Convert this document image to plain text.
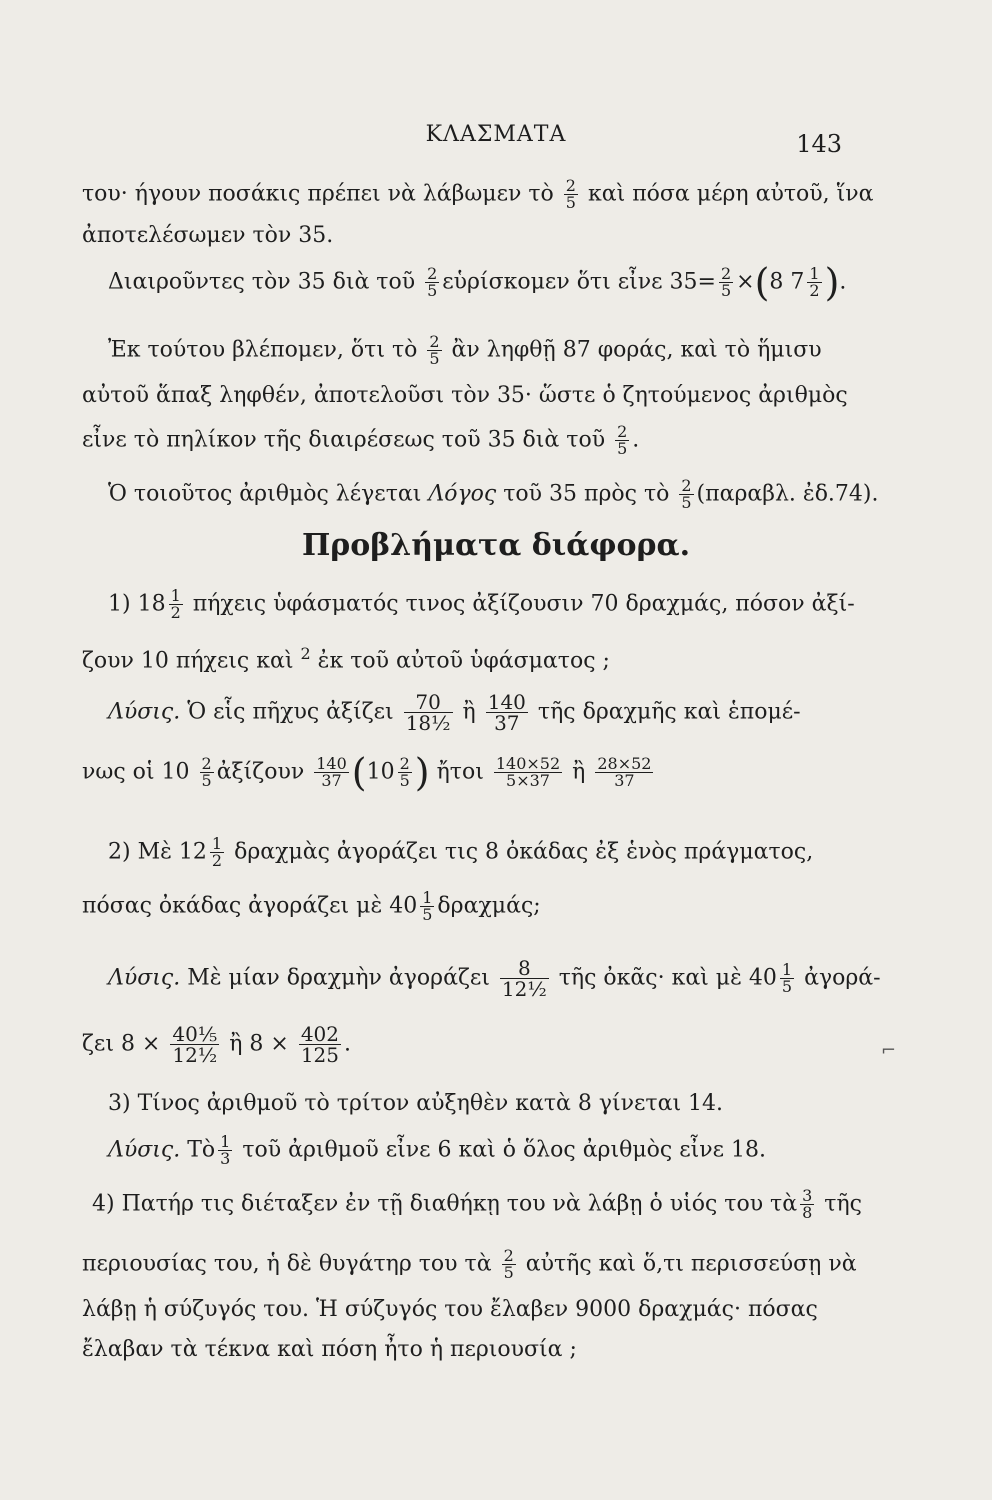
ΚΛΑΣΜΑΤΑ	143
του· ήγουν ποσάκις πρέπει νὰ λάβωμεν τὸ $\frac{2}{5}$ καὶ πόσα μέρη αὐτοῦ, ἵνα
ἀποτελέσωμεν τὸν 35.
Διαιροῦντες τὸν 35 διὰ τοῦ $\frac{2}{5}$ εὑρίσκομεν ὅτι εἶνε $35= \frac{2}{5} \times(8$ $7 \frac{1}{2}$ ).
Ἐκ τούτου βλέπομεν, ὅτι τὸ $\frac{2}{5}$ ἂν ληφθῇ 87 φοράς, καὶ τὸ ἥμισυ
αὐτοῦ ἅπαξ ληφθέν, ἀποτελοῦσι τὸν 35· ὥστε ὁ ζητούμενος ἀριθμὸς
εἶνε τὸ πηλίκον τῆς διαιρέσεως τοῦ 35 διὰ τοῦ $\frac{2}{5}$ .
Ὁ τοιοῦτος ἀριθμὸς λέγεται Λόγος τοῦ 35 πρὸς τὸ $\frac{2}{5} (\pi\alpha\rho\alpha\beta\lambda$. ἐδ.74).
Προβλήματα διάφορα.
1) $18 \frac{1}{2}$ πήχεις ὑφάσματός τινος ἀξίζουσιν 70 δραχμάς, πόσον ἀξί-
ζουν 10 πήχεις καὶ $^2$ ἐκ τοῦ αὐτοῦ ὑφάσματος ;
Λύσις. Ὁ εἷς πῆχυς ἀξίζει $\frac{70}{\text{18½}}$ ἢ $\frac{140}{37}$ τῆς δραχμῆς καὶ ἑπομέ-
νως οἱ $10 \frac{2}{5}$ ἀξίζουν $\frac{140}{37} (10 \frac{2}{5}$ ) ἤτοι $\frac{140\times 52}{5\times 37}$ ἢ $\frac{28\times 52}{37}$
2) Μὲ $12 \frac{1}{2}$ δραχμὰς ἀγοράζει τις 8 ὀκάδας ἐξ ἑνὸς πράγματος,
πόσας ὀκάδας ἀγοράζει μὲ $40 \frac{1}{5} \delta\rho\alpha\chi\mu ά\varsigma$;
Λύσις. Μὲ μίαν δραχμὴν ἀγοράζει $\frac{8}{\text{12½}}$ τῆς ὀκᾶς· καὶ μὲ $40 \frac{1}{5}$ ἀγορά-
ζει $8 \times \frac{\text{40⅕}}{\text{12½}}$ ἢ $8 \times \frac{402}{125}$ .
3) Τίνος ἀριθμοῦ τὸ τρίτον αὐξηθὲν κατὰ 8 γίνεται 14.
Λύσις. Τὸ $\frac{1}{3}$ τοῦ ἀριθμοῦ εἶνε 6 καὶ ὁ ὅλος ἀριθμὸς εἶνε 18.
4) Πατήρ τις διέταξεν ἐν τῇ διαθήκῃ του νὰ λάβῃ ὁ υἱός του τὰ $\frac{3}{8}$ τῆς
περιουσίας του, ἡ δὲ θυγάτηρ του τὰ $\frac{2}{5}$ αὐτῆς καὶ ὅ,τι περισσεύσῃ νὰ
λάβῃ ἡ σύζυγός του. Ἡ σύζυγός του ἔλαβεν 9000 δραχμάς· πόσας
ἔλαβαν τὰ τέκνα καὶ πόση ἦτο ἡ περιουσία ;
⌐
